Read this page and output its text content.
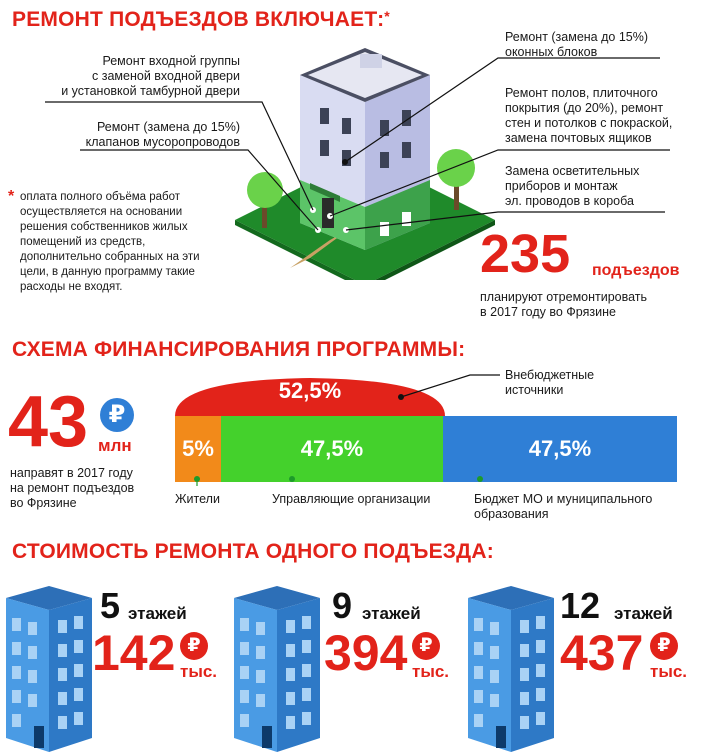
РЕМОНТ ПОДЪЕЗДОВ ВКЛЮЧАЕТ:*
Ремонт входной группы
с заменой входной двери
и установкой тамбурной двери
Ремонт (замена до 15%)
клапанов мусоропроводов
Ремонт (замена до 15%)
оконных блоков
Ремонт полов, плиточного
покрытия (до 20%), ремонт
стен и потолков с покраской,
замена почтовых ящиков
Замена осветительных
приборов и монтаж
эл. проводов в короба
* оплата полного объёма работ
осуществляется на основании
решения собственников жилых
помещений из средств,
дополнительно собранных на эти
цели, в данную программу такие
расходы не входят.
235 подъездов
планируют отремонтировать
в 2017 году во Фрязине
СХЕМА ФИНАНСИРОВАНИЯ ПРОГРАММЫ:
43 ₽
млн
направят в 2017 году
на ремонт подъездов
во Фрязине
52,5%
Внебюджетные
источники
5%	47,5%	47,5%
Жители	Управляющие организации	Бюджет МО и муниципального
образования
СТОИМОСТЬ РЕМОНТА ОДНОГО ПОДЪЕЗДА:
5 этажей
142 ₽
тыс.
9 этажей
394 ₽
тыс.
12 этажей
437 ₽
тыс.
